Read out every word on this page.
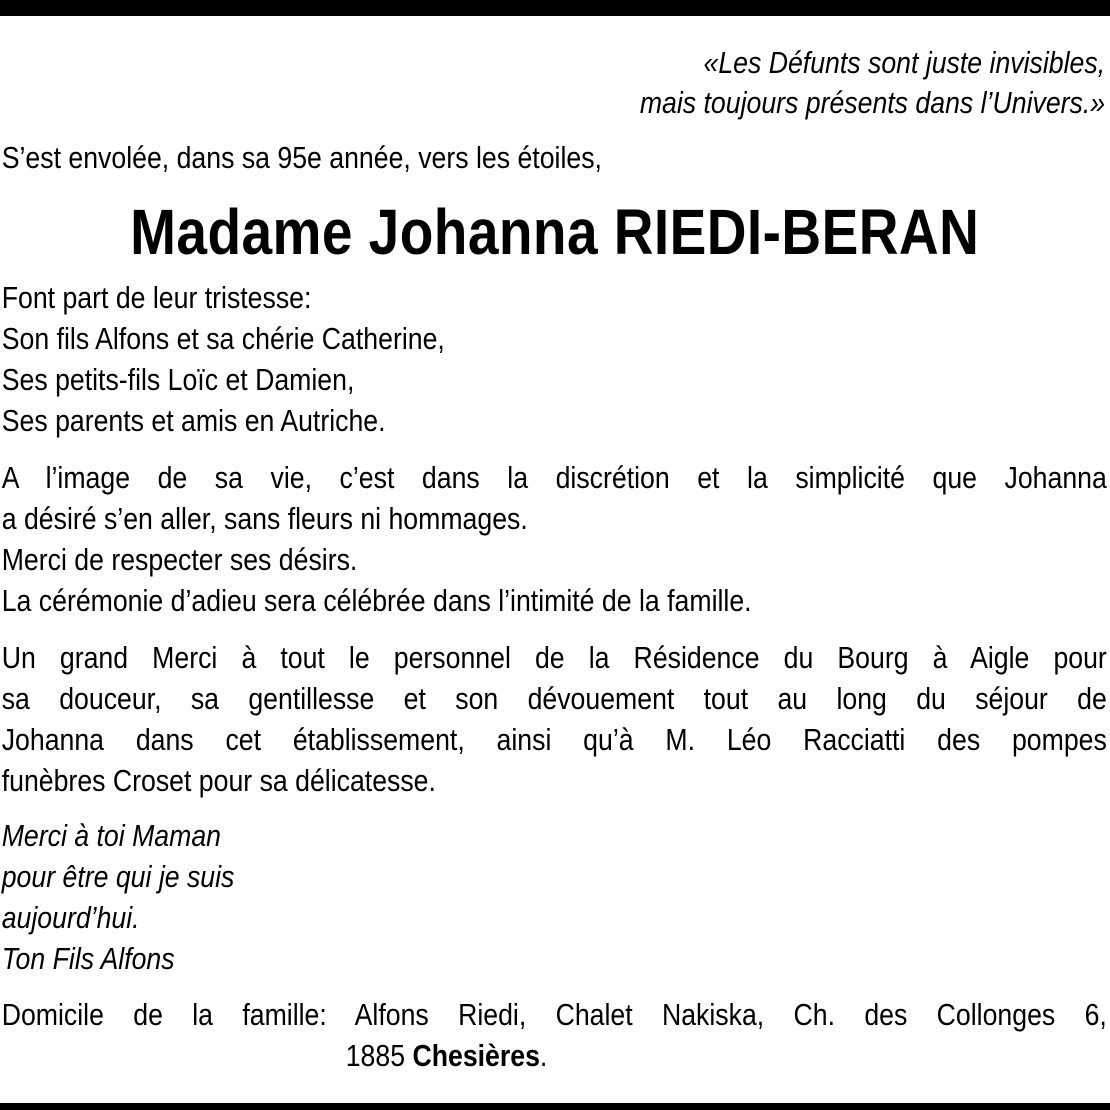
«Les Défunts sont juste invisibles,
mais toujours présents dans l’Univers.»
S’est envolée, dans sa 95e année, vers les étoiles,
Madame Johanna RIEDI-BERAN
Font part de leur tristesse:
Son fils Alfons et sa chérie Catherine,
Ses petits-fils Loïc et Damien,
Ses parents et amis en Autriche.
A l’image de sa vie, c’est dans la discrétion et la simplicité que Johanna
a désiré s’en aller, sans fleurs ni hommages.
Merci de respecter ses désirs.
La cérémonie d’adieu sera célébrée dans l’intimité de la famille.
Un grand Merci à tout le personnel de la Résidence du Bourg à Aigle pour
sa douceur, sa gentillesse et son dévouement tout au long du séjour de
Johanna dans cet établissement, ainsi qu’à M. Léo Racciatti des pompes
funèbres Croset pour sa délicatesse.
Merci à toi Maman
pour être qui je suis
aujourd’hui.
Ton Fils Alfons
Domicile de la famille: Alfons Riedi, Chalet Nakiska, Ch. des Collonges 6,
1885 Chesières.
